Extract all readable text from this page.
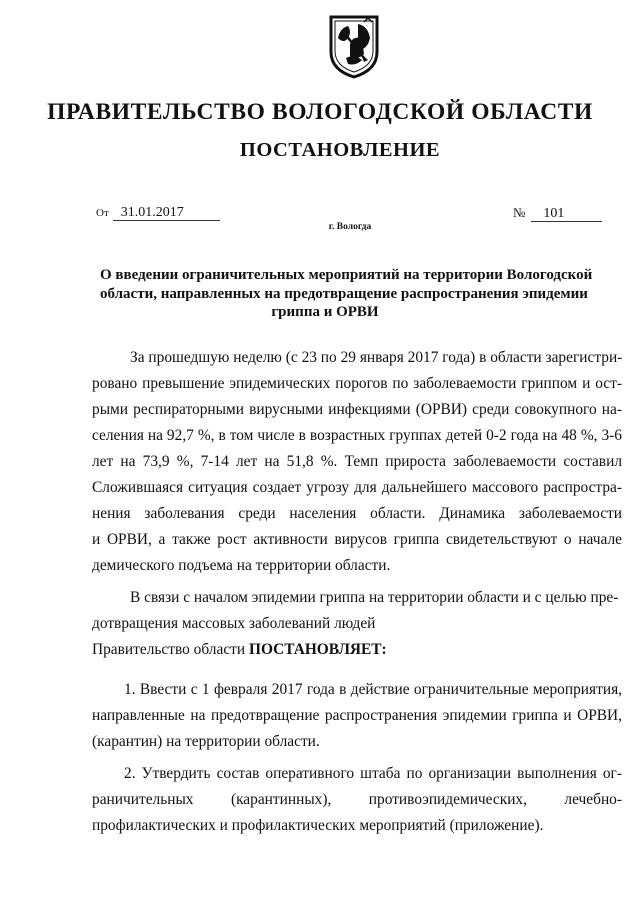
ПРАВИТЕЛЬСТВО ВОЛОГОДСКОЙ ОБЛАСТИ
ПОСТАНОВЛЕНИЕ
От 31.01.2017	№ 101
г. Вологда
О введении ограничительных мероприятий на территории Вологодской
области, направленных на предотвращение распространения эпидемии
гриппа и ОРВИ
За прошедшую неделю (с 23 по 29 января 2017 года) в области зарегистри-
ровано превышение эпидемических порогов по заболеваемости гриппом и ост-
рыми респираторными вирусными инфекциями (ОРВИ) среди совокупного на-
селения на 92,7 %, в том числе в возрастных группах детей 0-2 года на 48 %, 3-6
лет на 73,9 %, 7-14 лет на 51,8 %. Темп прироста заболеваемости составил
Сложившаяся ситуация создает угрозу для дальнейшего массового распростра-
нения заболевания среди населения области. Динамика заболеваемости
и ОРВИ, а также рост активности вирусов гриппа свидетельствуют о начале
демического подъема на территории области.
В связи с началом эпидемии гриппа на территории области и с целью пре-
дотвращения массовых заболеваний людей
Правительство области ПОСТАНОВЛЯЕТ:
1. Ввести с 1 февраля 2017 года в действие ограничительные мероприятия,
направленные на предотвращение распространения эпидемии гриппа и ОРВИ,
(карантин) на территории области.
2. Утвердить состав оперативного штаба по организации выполнения ог-
раничительных (карантинных), противоэпидемических, лечебно-
профилактических и профилактических мероприятий (приложение).
